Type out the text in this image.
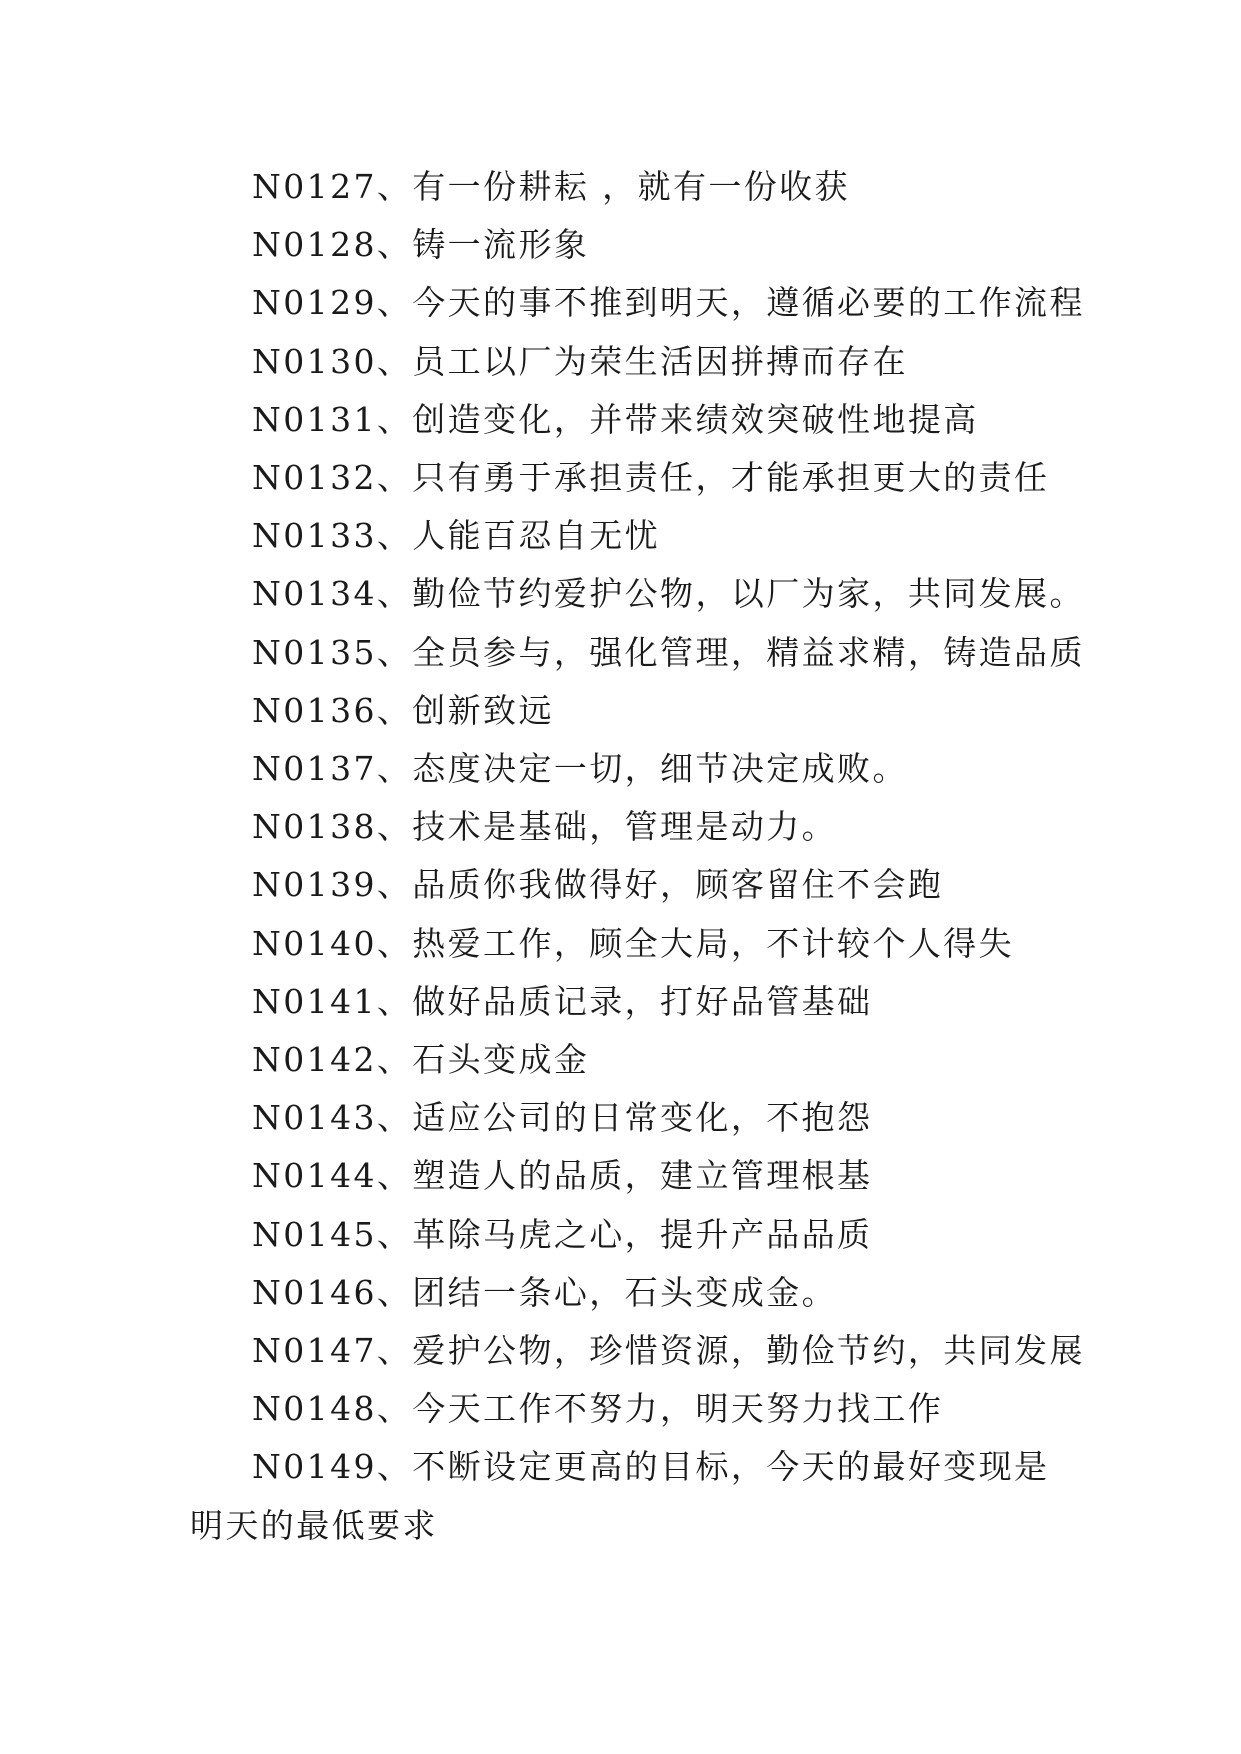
N0127、有一份耕耘 ，就有一份收获

N0128、铸一流形象

N0129、今天的事不推到明天，遵循必要的工作流程

N0130、员工以厂为荣生活因拼搏而存在

N0131、创造变化，并带来绩效突破性地提高

N0132、只有勇于承担责任，才能承担更大的责任

N0133、人能百忍自无忧

N0134、勤俭节约爱护公物，以厂为家，共同发展。

N0135、全员参与，强化管理，精益求精，铸造品质

N0136、创新致远

N0137、态度决定一切，细节决定成败。

N0138、技术是基础，管理是动力。

N0139、品质你我做得好，顾客留住不会跑

N0140、热爱工作，顾全大局，不计较个人得失

N0141、做好品质记录，打好品管基础

N0142、石头变成金

N0143、适应公司的日常变化，不抱怨

N0144、塑造人的品质，建立管理根基

N0145、革除马虎之心，提升产品品质

N0146、团结一条心，石头变成金。

N0147、爱护公物，珍惜资源，勤俭节约，共同发展

N0148、今天工作不努力，明天努力找工作

N0149、不断设定更高的目标，今天的最好变现是明天的最低要求
